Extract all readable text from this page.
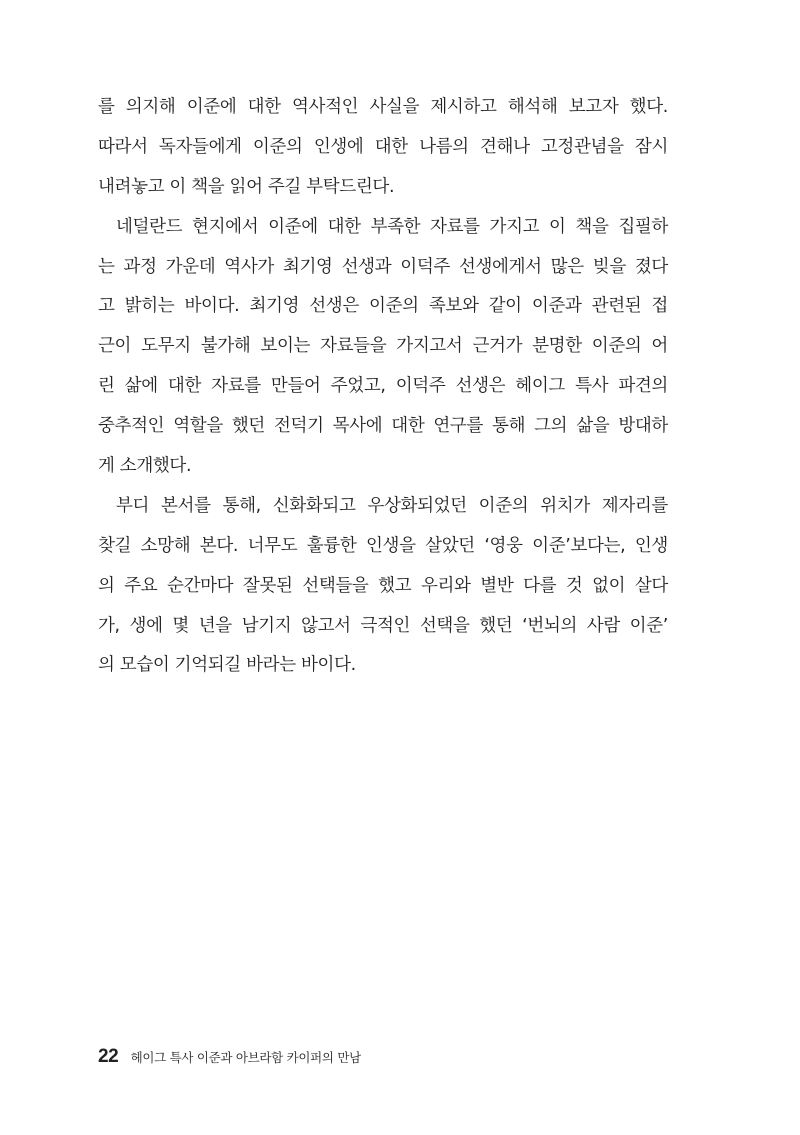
를 의지해 이준에 대한 역사적인 사실을 제시하고 해석해 보고자 했다.
따라서 독자들에게 이준의 인생에 대한 나름의 견해나 고정관념을 잠시
내려놓고 이 책을 읽어 주길 부탁드린다.
네덜란드 현지에서 이준에 대한 부족한 자료를 가지고 이 책을 집필하
는 과정 가운데 역사가 최기영 선생과 이덕주 선생에게서 많은 빚을 졌다
고 밝히는 바이다. 최기영 선생은 이준의 족보와 같이 이준과 관련된 접
근이 도무지 불가해 보이는 자료들을 가지고서 근거가 분명한 이준의 어
린 삶에 대한 자료를 만들어 주었고, 이덕주 선생은 헤이그 특사 파견의
중추적인 역할을 했던 전덕기 목사에 대한 연구를 통해 그의 삶을 방대하
게 소개했다.
부디 본서를 통해, 신화화되고 우상화되었던 이준의 위치가 제자리를
찾길 소망해 본다. 너무도 훌륭한 인생을 살았던 ‘영웅 이준’보다는, 인생
의 주요 순간마다 잘못된 선택들을 했고 우리와 별반 다를 것 없이 살다
가, 생에 몇 년을 남기지 않고서 극적인 선택을 했던 ‘번뇌의 사람 이준’
의 모습이 기억되길 바라는 바이다.
22 헤이그 특사 이준과 아브라함 카이퍼의 만남
